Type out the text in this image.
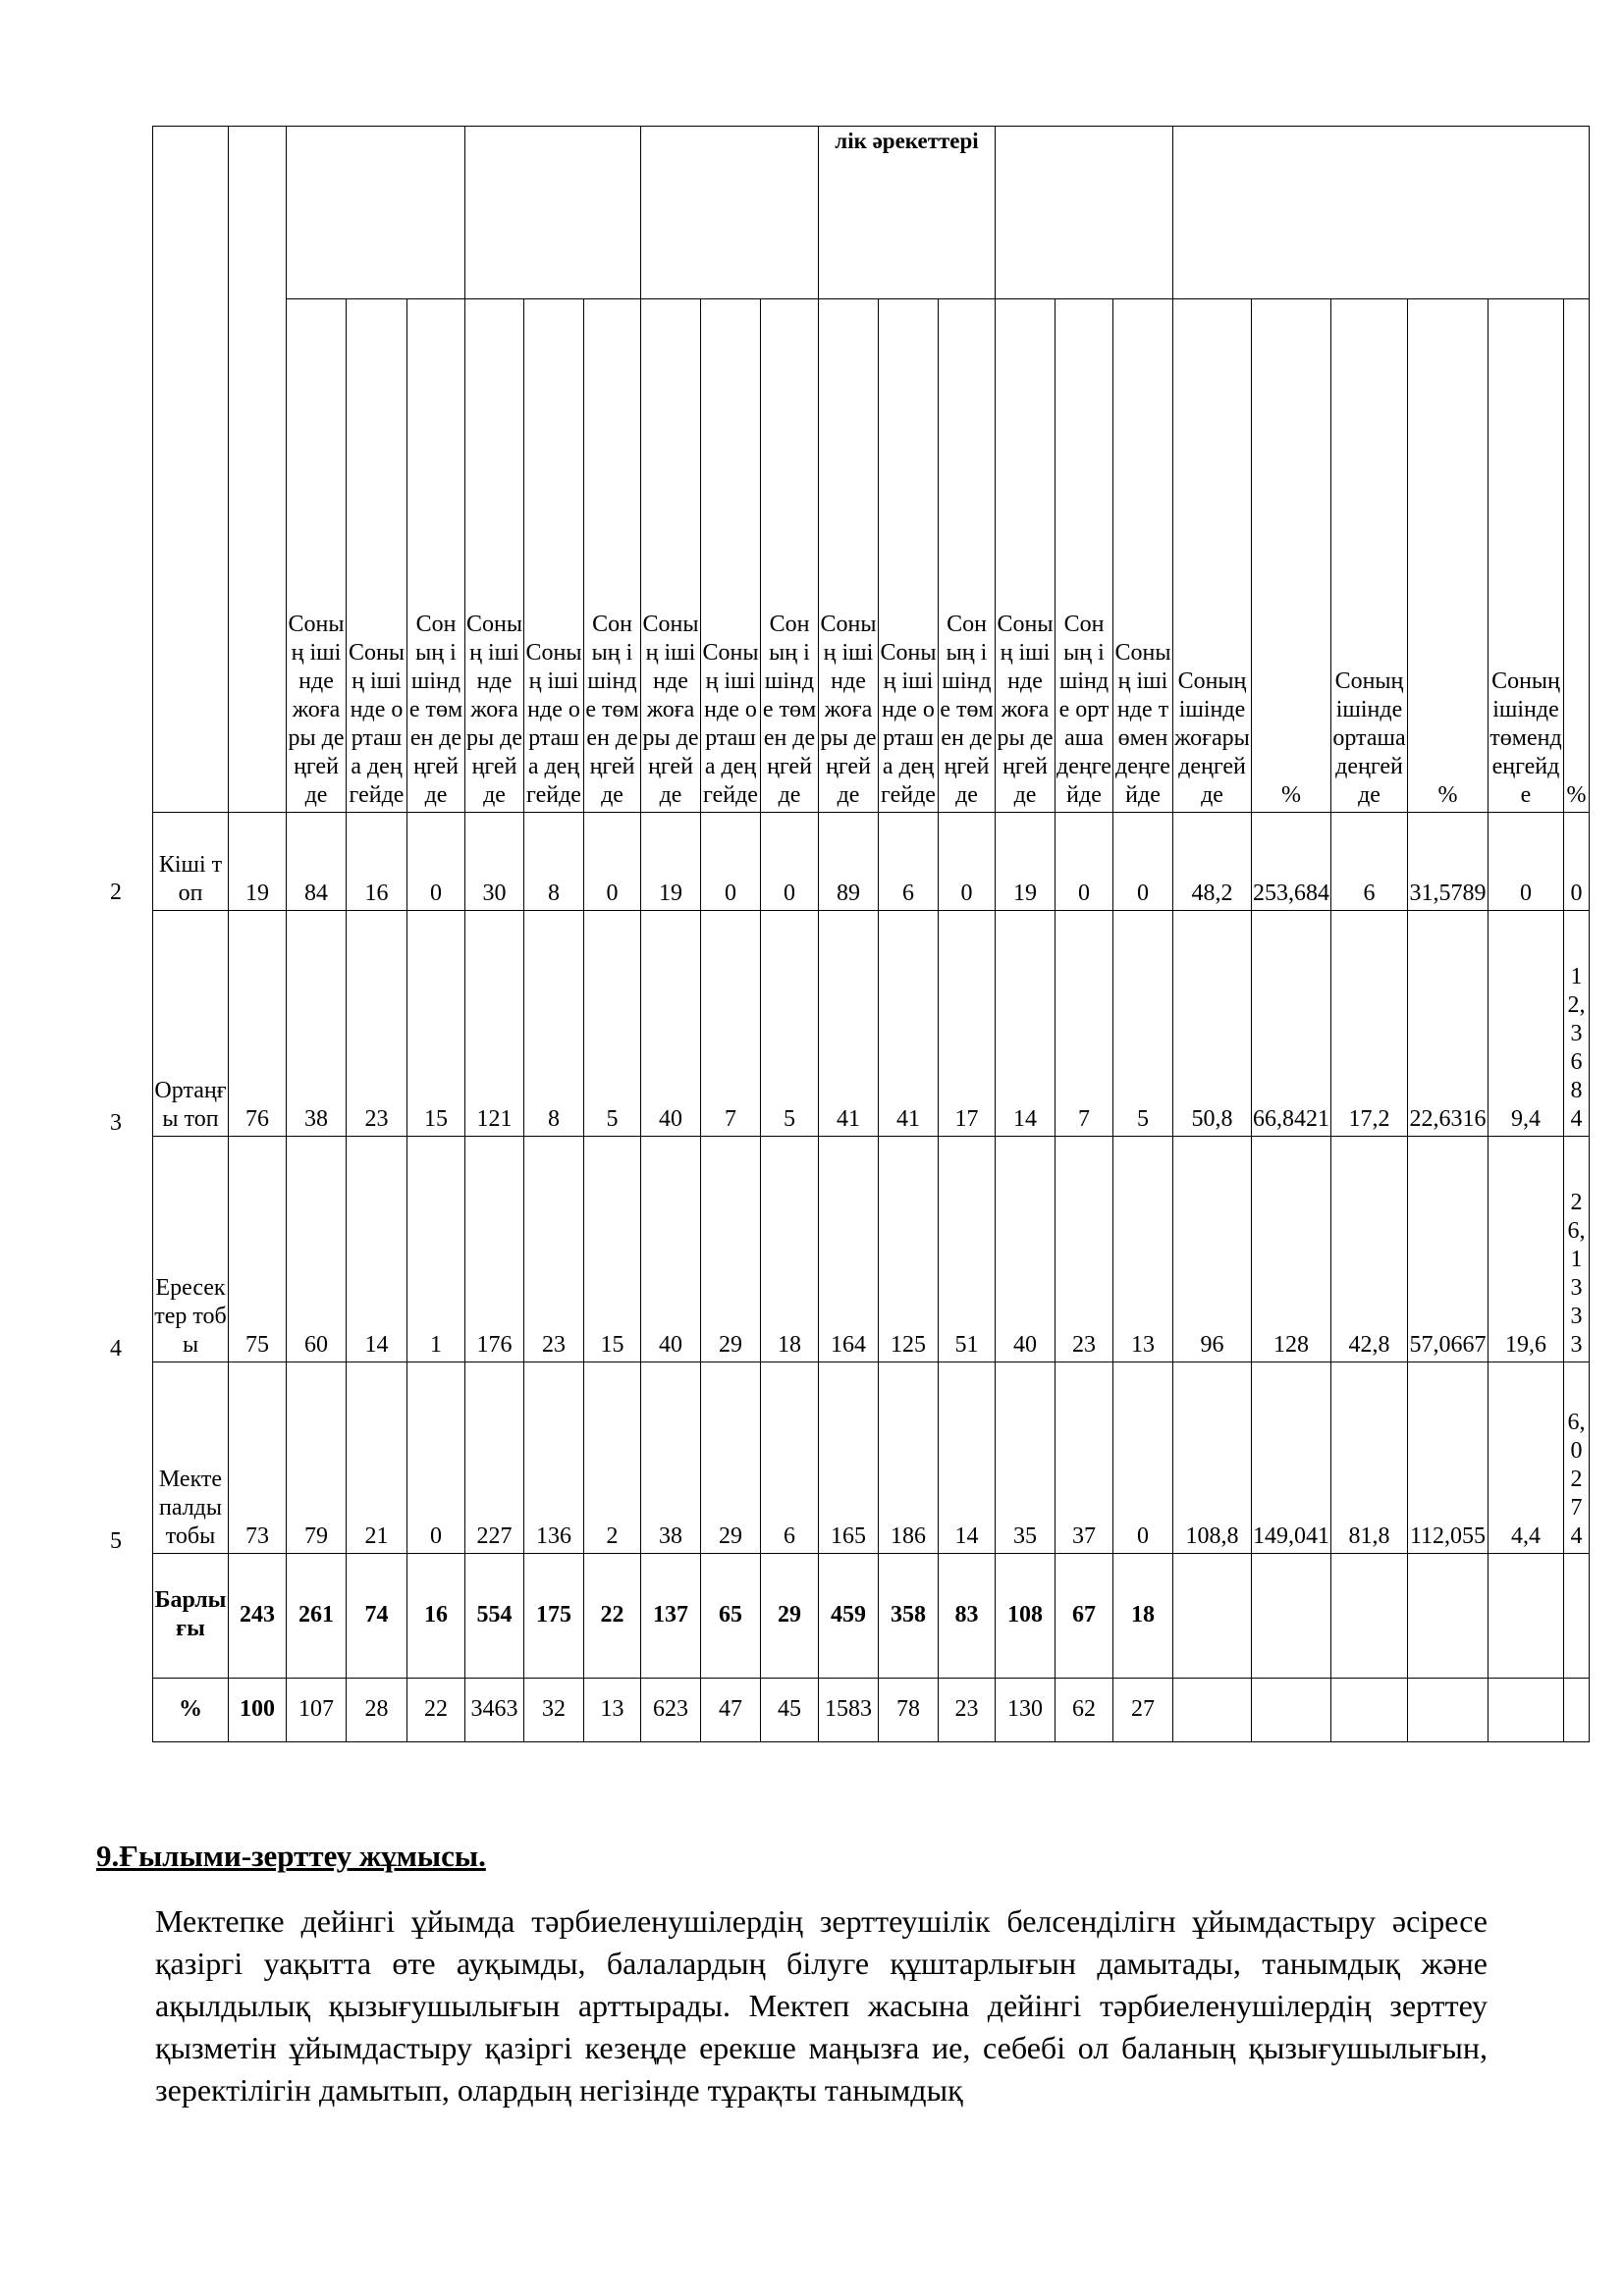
											лік әрекеттері											
		Соның ішінде жоғары деңгейде	Соның ішінде орташа деңгейде	Соның ішінде төмен деңгейде	Соның ішінде жоғары деңгейде	Соның ішінде орташа деңгейде	Соның ішінде төмен деңгейде	Соның ішінде жоғары деңгейде	Соның ішінде орташа деңгейде	Соның ішінде төмен деңгейде	Соның ішінде жоғары деңгейде	Соның ішінде орташа деңгейде	Соның ішінде төмен деңгейде	Соның ішінде жоғары деңгейде	Соның ішінде орташа деңгейде	Соның ішінде төмен деңгейде	Соның ішінде жоғары деңгейде	%	Соның ішінде орташа деңгейде	%	Соның ішінде төмендеңгейде	%
Кіші топ	19	84	16	0	30	8	0	19	0	0	89	6	0	19	0	0	48,2	253,684	6	31,5789	0	0
Ортаңғы топ	76	38	23	15	121	8	5	40	7	5	41	41	17	14	7	5	50,8	66,8421	17,2	22,6316	9,4	12,3684
Ересектер тобы	75	60	14	1	176	23	15	40	29	18	164	125	51	40	23	13	96	128	42,8	57,0667	19,6	26,1333
Мектепалды тобы	73	79	21	0	227	136	2	38	29	6	165	186	14	35	37	0	108,8	149,041	81,8	112,055	4,4	6,0274
Барлығы	243	261	74	16	554	175	22	137	65	29	459	358	83	108	67	18						
%	100	107	28	22	3463	32	13	623	47	45	1583	78	23	130	62	27						
2
3
4
5
9.Ғылыми-зерттеу жұмысы.

Мектепке дейінгі ұйымда тәрбиеленушілердің зерттеушілік белсенділігн ұйымдастыру әсіресе қазіргі уақытта өте ауқымды, балалардың білуге құштарлығын дамытады, танымдық және ақылдылық қызығушылығын арттырады. Мектеп жасына дейінгі тәрбиеленушілердің зерттеу қызметін ұйымдастыру қазіргі кезеңде ерекше маңызға ие, себебі ол баланың қызығушылығын, зеректілігін дамытып, олардың негізінде тұрақты танымдық
